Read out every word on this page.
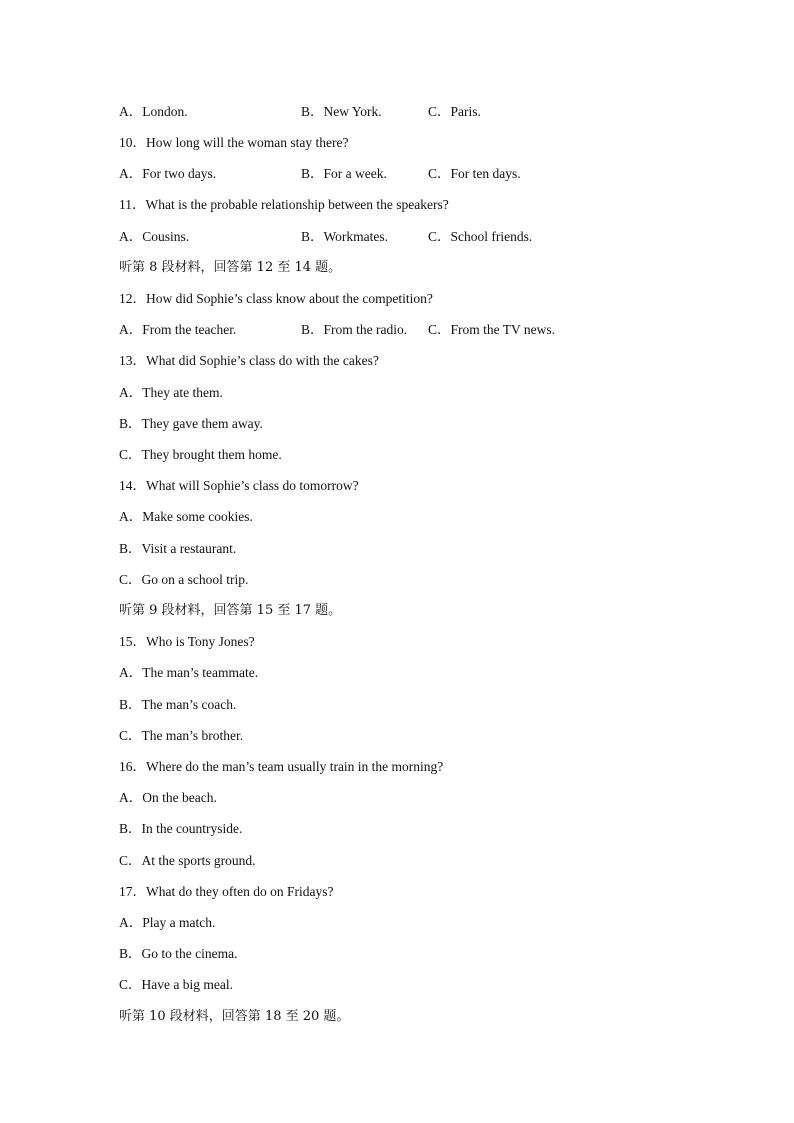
A．London.	B．New York.	C．Paris.
10．How long will the woman stay there?
A．For two days.	B．For a week.	C．For ten days.
11．What is the probable relationship between the speakers?
A．Cousins.	B．Workmates.	C．School friends.
听第 8 段材料，回答第 12 至 14 题。
12．How did Sophie’s class know about the competition?
A．From the teacher.	B．From the radio. C．From the TV news.
13．What did Sophie’s class do with the cakes?
A．They ate them.
B．They gave them away.
C．They brought them home.
14．What will Sophie’s class do tomorrow?
A．Make some cookies.
B．Visit a restaurant.
C．Go on a school trip.
听第 9 段材料，回答第 15 至 17 题。
15．Who is Tony Jones?
A．The man’s teammate.
B．The man’s coach.
C．The man’s brother.
16．Where do the man’s team usually train in the morning?
A．On the beach.
B．In the countryside.
C．At the sports ground.
17．What do they often do on Fridays?
A．Play a match.
B．Go to the cinema.
C．Have a big meal.
听第 10 段材料，回答第 18 至 20 题。
